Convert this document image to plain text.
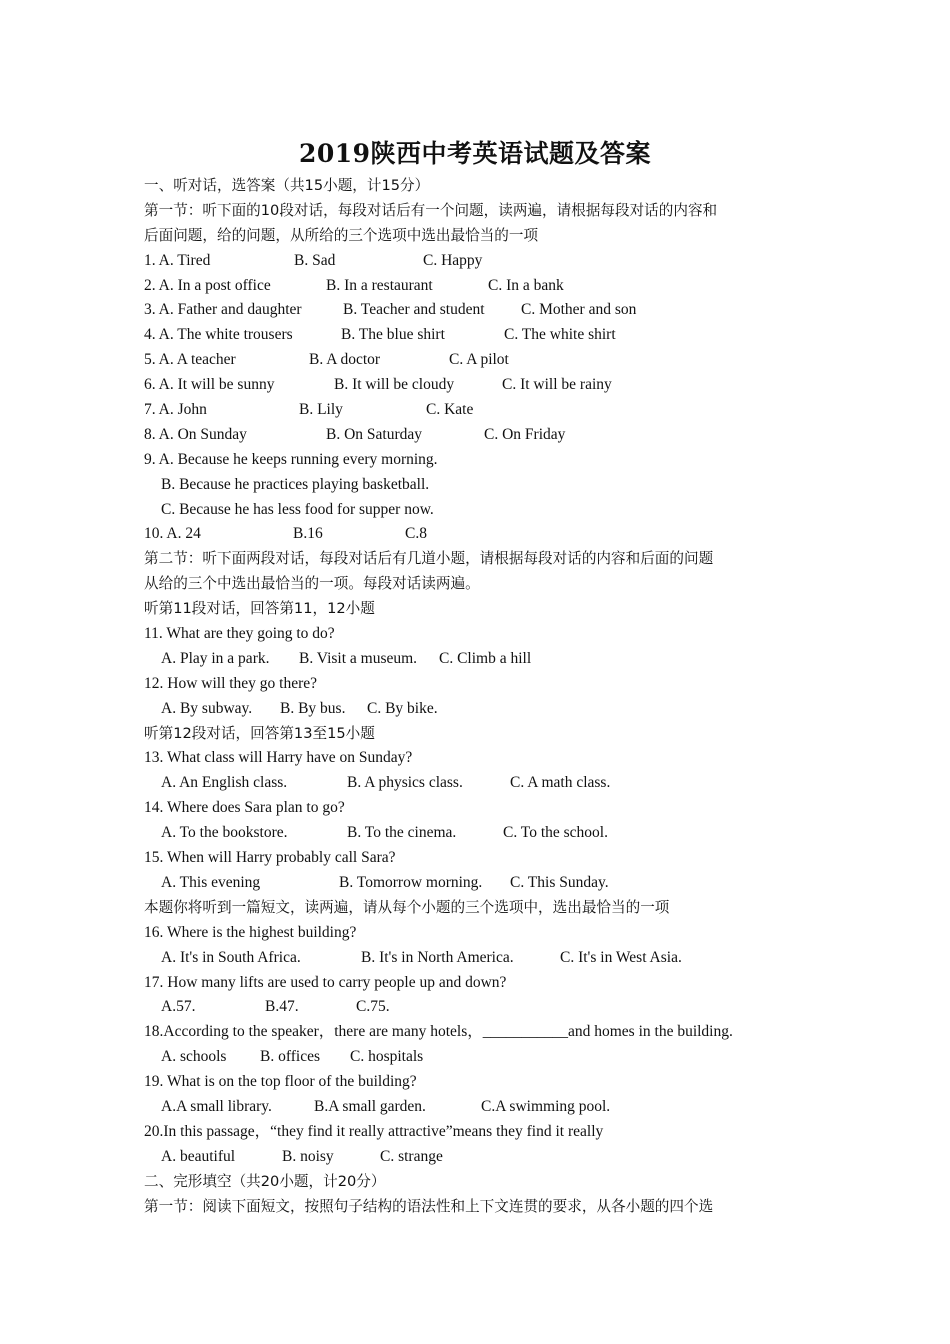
2019陕西中考英语试题及答案
一、听对话，选答案（共15小题，计15分）
第一节：听下面的10段对话，每段对话后有一个问题，读两遍，请根据每段对话的内容和
后面问题，给的问题，从所给的三个选项中选出最恰当的一项
1. A. Tired	B. Sad	C. Happy
2. A. In a post office	B. In a restaurant	C. In a bank
3. A. Father and daughter	B. Teacher and student C. Mother and son
4. A. The white trousers	B. The blue shirt	C. The white shirt
5. A. A teacher	B. A doctor	C. A pilot
6. A. It will be sunny	B. It will be cloudy	C. It will be rainy
7. A. John	B. Lily	C. Kate
8. A. On Sunday	B. On Saturday	C. On Friday
9. A. Because he keeps running every morning.
B. Because he practices playing basketball.
C. Because he has less food for supper now.
10. A. 24	B.16	C.8
第二节：听下面两段对话，每段对话后有几道小题，请根据每段对话的内容和后面的问题
从给的三个中选出最恰当的一项。每段对话读两遍。
听第11段对话，回答第11，12小题
11. What are they going to do?
A. Play in a park. B. Visit a museum. C. Climb a hill
12. How will they go there?
A. By subway. B. By bus. C. By bike.
听第12段对话，回答第13至15小题
13. What class will Harry have on Sunday?
A. An English class.	B. A physics class.	C. A math class.
14. Where does Sara plan to go?
A. To the bookstore.	B. To the cinema.	C. To the school.
15. When will Harry probably call Sara?
A. This evening	B. Tomorrow morning. C. This Sunday.
本题你将听到一篇短文，读两遍，请从每个小题的三个选项中，选出最恰当的一项
16. Where is the highest building?
A. It's in South Africa.	B. It's in North America.	C. It's in West Asia.
17. How many lifts are used to carry people up and down?
A.57.	B.47.	C.75.
18.According to the speaker，there are many hotels，___________and homes in the building.
A. schools B. offices C. hospitals
19. What is on the top floor of the building?
A.A small library.	B.A small garden.	C.A swimming pool.
20.In this passage，“they find it really attractive”means they find it really
A. beautiful	B. noisy	C. strange
二、完形填空（共20小题，计20分）
第一节：阅读下面短文，按照句子结构的语法性和上下文连贯的要求，从各小题的四个选
